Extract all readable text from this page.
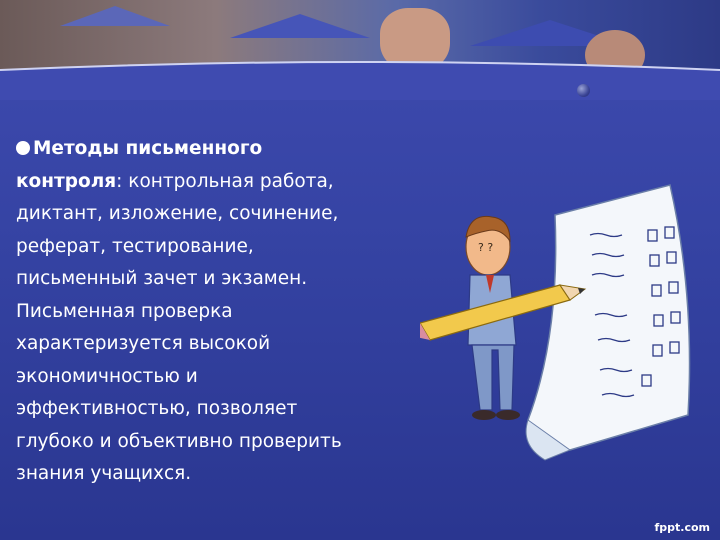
Методы письменного
контроля: контрольная работа,
диктант, изложение, сочинение,
реферат, тестирование,
письменный зачет и экзамен.
Письменная проверка
характеризуется высокой
экономичностью и
эффективностью, позволяет
глубоко и объективно проверить
знания учащихся.
? ?
fppt.com
